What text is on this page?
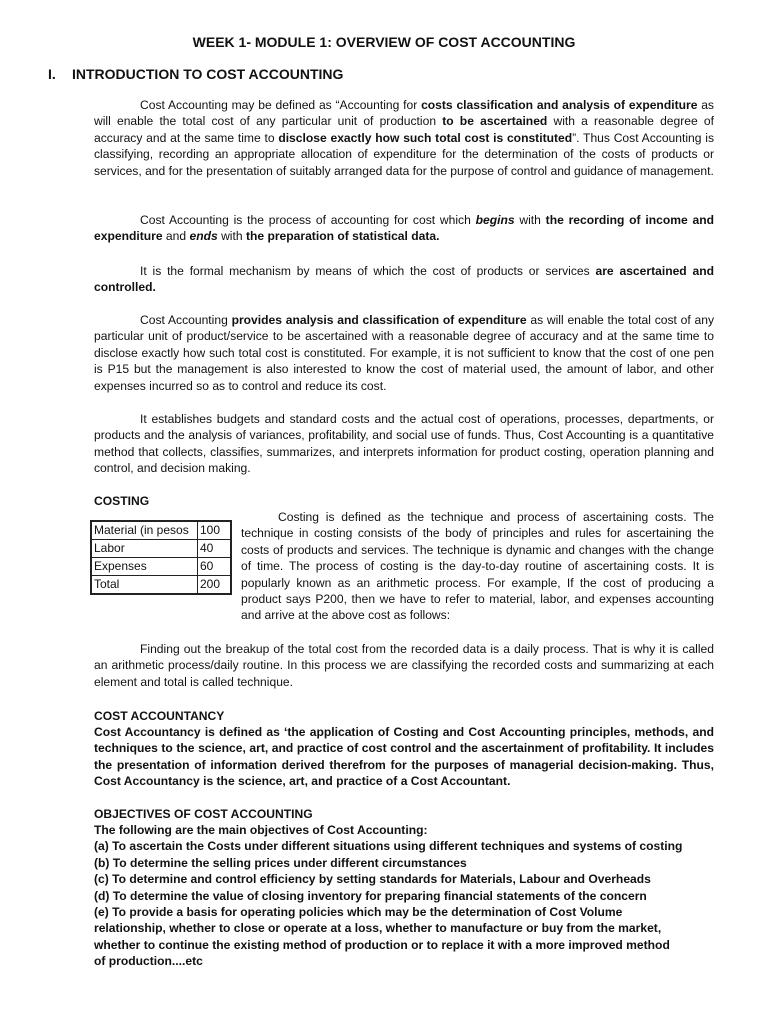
WEEK 1- MODULE 1: OVERVIEW OF COST ACCOUNTING
I. INTRODUCTION TO COST ACCOUNTING

Cost Accounting may be defined as “Accounting for costs classification and analysis of expenditure as will enable the total cost of any particular unit of production to be ascertained with a reasonable degree of accuracy and at the same time to disclose exactly how such total cost is constituted”. Thus Cost Accounting is classifying, recording an appropriate allocation of expenditure for the determination of the costs of products or services, and for the presentation of suitably arranged data for the purpose of control and guidance of management.

Cost Accounting is the process of accounting for cost which begins with the recording of income and expenditure and ends with the preparation of statistical data.

It is the formal mechanism by means of which the cost of products or services are ascertained and controlled.

Cost Accounting provides analysis and classification of expenditure as will enable the total cost of any particular unit of product/service to be ascertained with a reasonable degree of accuracy and at the same time to disclose exactly how such total cost is constituted. For example, it is not sufficient to know that the cost of one pen is P15 but the management is also interested to know the cost of material used, the amount of labor, and other expenses incurred so as to control and reduce its cost.

It establishes budgets and standard costs and the actual cost of operations, processes, departments, or products and the analysis of variances, profitability, and social use of funds. Thus, Cost Accounting is a quantitative method that collects, classifies, summarizes, and interprets information for product costing, operation planning and control, and decision making.

COSTING
Material (in pesos	100
Labor	40
Expenses	60
Total	200

Costing is defined as the technique and process of ascertaining costs. The technique in costing consists of the body of principles and rules for ascertaining the costs of products and services. The technique is dynamic and changes with the change of time. The process of costing is the day-to-day routine of ascertaining costs. It is popularly known as an arithmetic process. For example, If the cost of producing a product says P200, then we have to refer to material, labor, and expenses accounting and arrive at the above cost as follows:

Finding out the breakup of the total cost from the recorded data is a daily process. That is why it is called an arithmetic process/daily routine. In this process we are classifying the recorded costs and summarizing at each element and total is called technique.

COST ACCOUNTANCY

Cost Accountancy is defined as ‘the application of Costing and Cost Accounting principles, methods, and techniques to the science, art, and practice of cost control and the ascertainment of profitability. It includes the presentation of information derived therefrom for the purposes of managerial decision-making. Thus, Cost Accountancy is the science, art, and practice of a Cost Accountant.

OBJECTIVES OF COST ACCOUNTING
The following are the main objectives of Cost Accounting:
(a) To ascertain the Costs under different situations using different techniques and systems of costing
(b) To determine the selling prices under different circumstances
(c) To determine and control efficiency by setting standards for Materials, Labour and Overheads
(d) To determine the value of closing inventory for preparing financial statements of the concern
(e) To provide a basis for operating policies which may be the determination of Cost Volume
relationship, whether to close or operate at a loss, whether to manufacture or buy from the market,
whether to continue the existing method of production or to replace it with a more improved method
of production....etc
